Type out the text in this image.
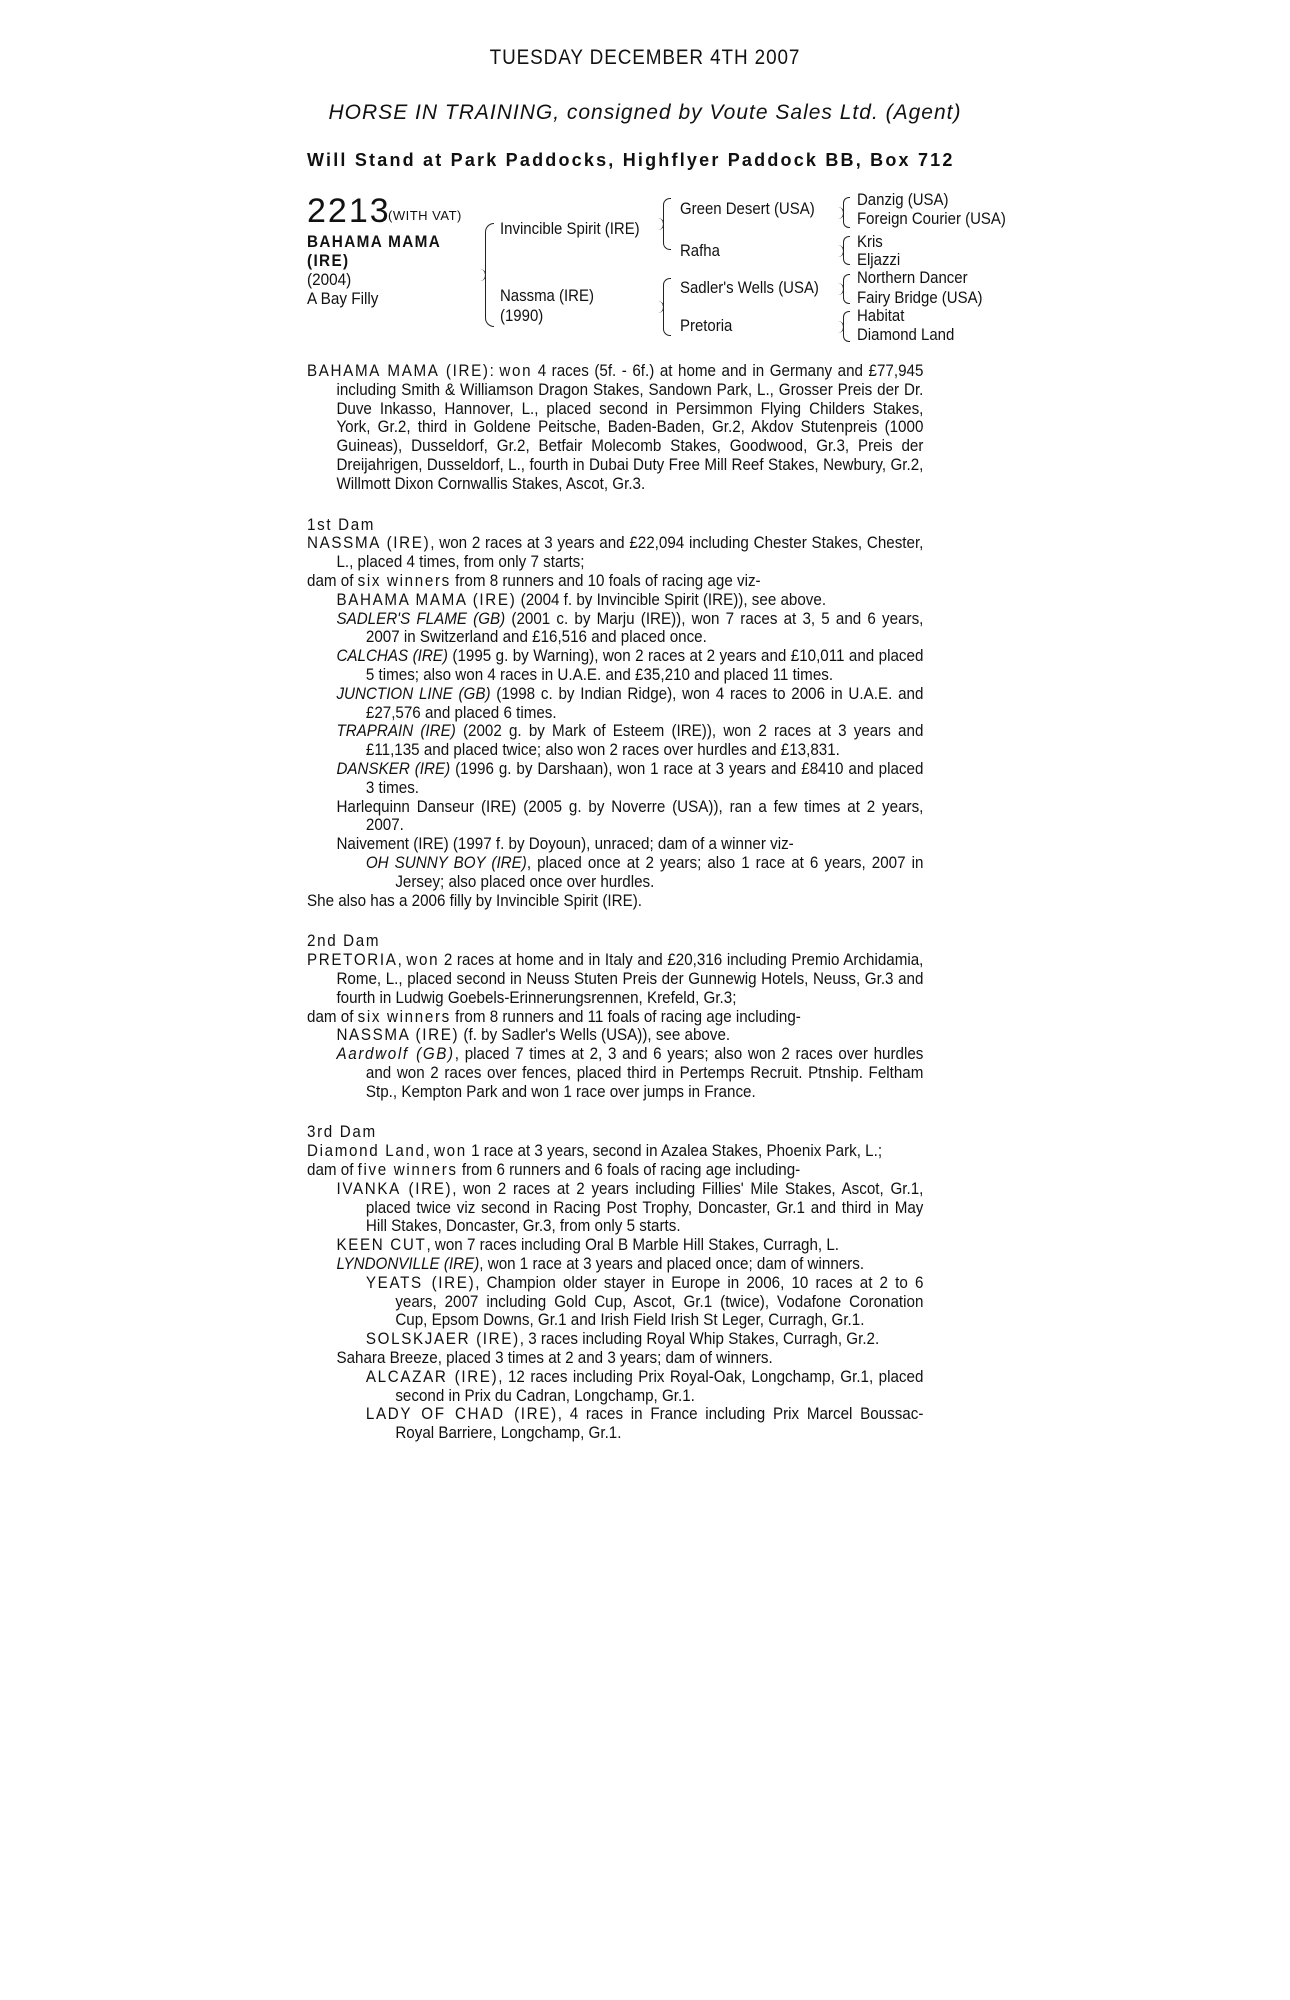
TUESDAY DECEMBER 4TH 2007
HORSE IN TRAINING, consigned by Voute Sales Ltd. (Agent)
Will Stand at Park Paddocks, Highflyer Paddock BB, Box 712
2213
(WITH VAT)
BAHAMA MAMA
(IRE)
(2004)
A Bay Filly
Invincible Spirit (IRE)
Nassma (IRE)
(1990)
Green Desert (USA)
Rafha
Sadler's Wells (USA)
Pretoria
Danzig (USA)
Foreign Courier (USA)
Kris
Eljazzi
Northern Dancer
Fairy Bridge (USA)
Habitat
Diamond Land

BAHAMA MAMA (IRE): won 4 races (5f. - 6f.) at home and in Germany and £77,945 including Smith & Williamson Dragon Stakes, Sandown Park, L., Grosser Preis der Dr. Duve Inkasso, Hannover, L., placed second in Persimmon Flying Childers Stakes, York, Gr.2, third in Goldene Peitsche, Baden-Baden, Gr.2, Akdov Stutenpreis (1000 Guineas), Dusseldorf, Gr.2, Betfair Molecomb Stakes, Goodwood, Gr.3, Preis der Dreijahrigen, Dusseldorf, L., fourth in Dubai Duty Free Mill Reef Stakes, Newbury, Gr.2, Willmott Dixon Cornwallis Stakes, Ascot, Gr.3.

1st Dam

NASSMA (IRE), won 2 races at 3 years and £22,094 including Chester Stakes, Chester, L., placed 4 times, from only 7 starts;

dam of six winners from 8 runners and 10 foals of racing age viz-

BAHAMA MAMA (IRE) (2004 f. by Invincible Spirit (IRE)), see above.

SADLER'S FLAME (GB) (2001 c. by Marju (IRE)), won 7 races at 3, 5 and 6 years, 2007 in Switzerland and £16,516 and placed once.

CALCHAS (IRE) (1995 g. by Warning), won 2 races at 2 years and £10,011 and placed 5 times; also won 4 races in U.A.E. and £35,210 and placed 11 times.

JUNCTION LINE (GB) (1998 c. by Indian Ridge), won 4 races to 2006 in U.A.E. and £27,576 and placed 6 times.

TRAPRAIN (IRE) (2002 g. by Mark of Esteem (IRE)), won 2 races at 3 years and £11,135 and placed twice; also won 2 races over hurdles and £13,831.

DANSKER (IRE) (1996 g. by Darshaan), won 1 race at 3 years and £8410 and placed 3 times.

Harlequinn Danseur (IRE) (2005 g. by Noverre (USA)), ran a few times at 2 years, 2007.

Naivement (IRE) (1997 f. by Doyoun), unraced; dam of a winner viz-

OH SUNNY BOY (IRE), placed once at 2 years; also 1 race at 6 years, 2007 in Jersey; also placed once over hurdles.

She also has a 2006 filly by Invincible Spirit (IRE).

2nd Dam

PRETORIA, won 2 races at home and in Italy and £20,316 including Premio Archidamia, Rome, L., placed second in Neuss Stuten Preis der Gunnewig Hotels, Neuss, Gr.3 and fourth in Ludwig Goebels-Erinnerungsrennen, Krefeld, Gr.3;

dam of six winners from 8 runners and 11 foals of racing age including-

NASSMA (IRE) (f. by Sadler's Wells (USA)), see above.

Aardwolf (GB), placed 7 times at 2, 3 and 6 years; also won 2 races over hurdles and won 2 races over fences, placed third in Pertemps Recruit. Ptnship. Feltham Stp., Kempton Park and won 1 race over jumps in France.

3rd Dam

Diamond Land, won 1 race at 3 years, second in Azalea Stakes, Phoenix Park, L.;

dam of five winners from 6 runners and 6 foals of racing age including-

IVANKA (IRE), won 2 races at 2 years including Fillies' Mile Stakes, Ascot, Gr.1, placed twice viz second in Racing Post Trophy, Doncaster, Gr.1 and third in May Hill Stakes, Doncaster, Gr.3, from only 5 starts.

KEEN CUT, won 7 races including Oral B Marble Hill Stakes, Curragh, L.

LYNDONVILLE (IRE), won 1 race at 3 years and placed once; dam of winners.

YEATS (IRE), Champion older stayer in Europe in 2006, 10 races at 2 to 6 years, 2007 including Gold Cup, Ascot, Gr.1 (twice), Vodafone Coronation Cup, Epsom Downs, Gr.1 and Irish Field Irish St Leger, Curragh, Gr.1.

SOLSKJAER (IRE), 3 races including Royal Whip Stakes, Curragh, Gr.2.

Sahara Breeze, placed 3 times at 2 and 3 years; dam of winners.

ALCAZAR (IRE), 12 races including Prix Royal-Oak, Longchamp, Gr.1, placed second in Prix du Cadran, Longchamp, Gr.1.

LADY OF CHAD (IRE), 4 races in France including Prix Marcel Boussac-Royal Barriere, Longchamp, Gr.1.
